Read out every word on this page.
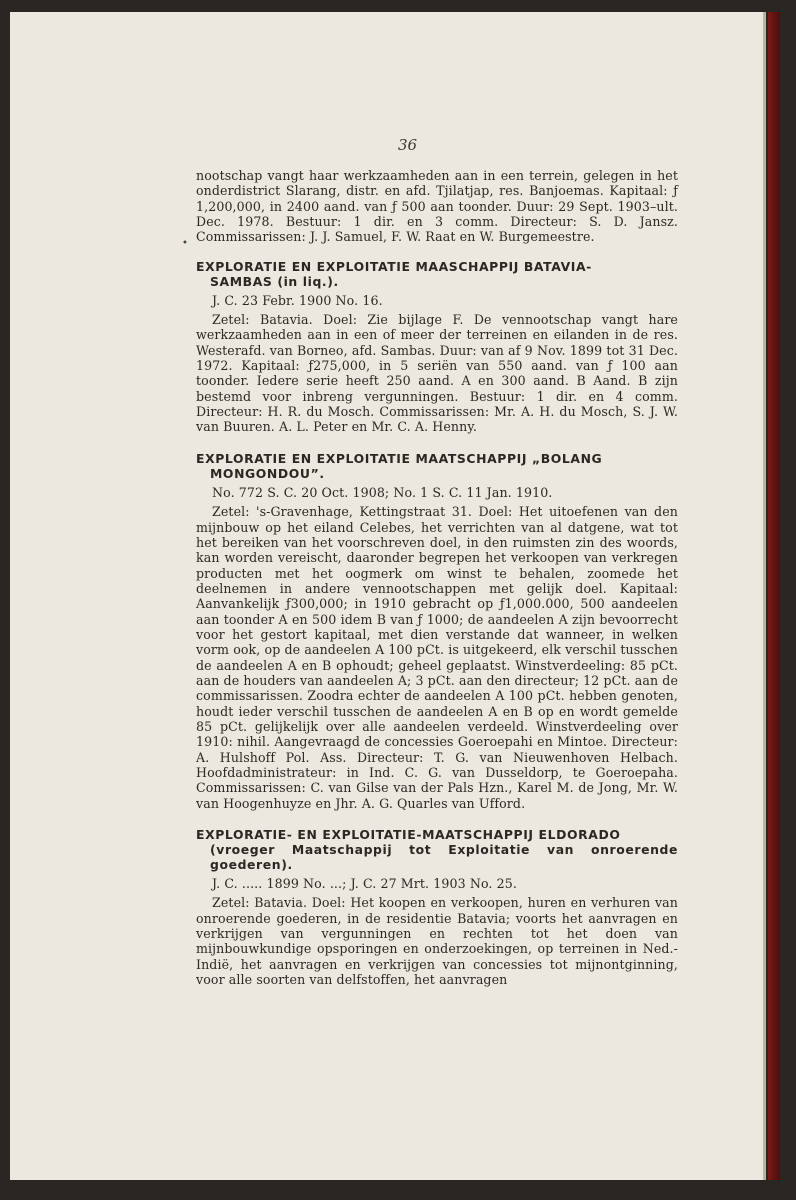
36
•

nootschap vangt haar werkzaamheden aan in een terrein, gelegen in het onderdistrict Slarang, distr. en afd. Tjilatjap, res. Banjoemas. Kapitaal: ƒ 1,200,000, in 2400 aand. van ƒ 500 aan toonder. Duur: 29 Sept. 1903–ult. Dec. 1978. Bestuur: 1 dir. en 3 comm. Directeur: S. D. Jansz. Commissarissen: J. J. Samuel, F. W. Raat en W. Burgemeestre.

EXPLORATIE EN EXPLOITATIE MAASCHAPPIJ BATAVIA-
SAMBAS (in liq.).

J. C. 23 Febr. 1900 No. 16.

Zetel: Batavia. Doel: Zie bijlage F. De vennootschap vangt hare werkzaamheden aan in een of meer der terreinen en eilanden in de res. Westerafd. van Borneo, afd. Sambas. Duur: van af 9 Nov. 1899 tot 31 Dec. 1972. Kapitaal: ƒ275,000, in 5 seriën van 550 aand. van ƒ 100 aan toonder. Iedere serie heeft 250 aand. A en 300 aand. B Aand. B zijn bestemd voor inbreng vergunningen. Bestuur: 1 dir. en 4 comm. Directeur: H. R. du Mosch. Commissarissen: Mr. A. H. du Mosch, S. J. W. van Buuren. A. L. Peter en Mr. C. A. Henny.

EXPLORATIE EN EXPLOITATIE MAATSCHAPPIJ „BOLANG
MONGONDOU”.

No. 772 S. C. 20 Oct. 1908; No. 1 S. C. 11 Jan. 1910.

Zetel: 's-Gravenhage, Kettingstraat 31. Doel: Het uitoefenen van den mijnbouw op het eiland Celebes, het verrichten van al datgene, wat tot het bereiken van het voorschreven doel, in den ruimsten zin des woords, kan worden vereischt, daaronder begrepen het verkoopen van verkregen producten met het oogmerk om winst te behalen, zoomede het deelnemen in andere vennootschappen met gelijk doel. Kapitaal: Aanvankelijk ƒ300,000; in 1910 gebracht op ƒ1,000.000, 500 aandeelen aan toonder A en 500 idem B van ƒ 1000; de aandeelen A zijn bevoorrecht voor het gestort kapitaal, met dien verstande dat wanneer, in welken vorm ook, op de aandeelen A 100 pCt. is uitgekeerd, elk verschil tusschen de aandeelen A en B ophoudt; geheel geplaatst. Winstverdeeling: 85 pCt. aan de houders van aandeelen A; 3 pCt. aan den directeur; 12 pCt. aan de commissarissen. Zoodra echter de aandeelen A 100 pCt. hebben genoten, houdt ieder verschil tusschen de aandeelen A en B op en wordt gemelde 85 pCt. gelijkelijk over alle aandeelen verdeeld. Winstverdeeling over 1910: nihil. Aangevraagd de concessies Goeroepahi en Mintoe. Directeur: A. Hulshoff Pol. Ass. Directeur: T. G. van Nieuwenhoven Helbach. Hoofdadministrateur: in Ind. C. G. van Dusseldorp, te Goeroepaha. Commissarissen: C. van Gilse van der Pals Hzn., Karel M. de Jong, Mr. W. van Hoogenhuyze en Jhr. A. G. Quarles van Ufford.

EXPLORATIE- EN EXPLOITATIE-MAATSCHAPPIJ ELDORADO
(vroeger Maatschappij tot Exploitatie van onroerende goederen).

J. C. ..... 1899 No. ...; J. C. 27 Mrt. 1903 No. 25.

Zetel: Batavia. Doel: Het koopen en verkoopen, huren en verhuren van onroerende goederen, in de residentie Batavia; voorts het aanvragen en verkrijgen van vergunningen en rechten tot het doen van mijnbouwkundige opsporingen en onderzoekingen, op terreinen in Ned.-Indië, het aanvragen en verkrijgen van concessies tot mijnontginning, voor alle soorten van delfstoffen, het aanvragen
